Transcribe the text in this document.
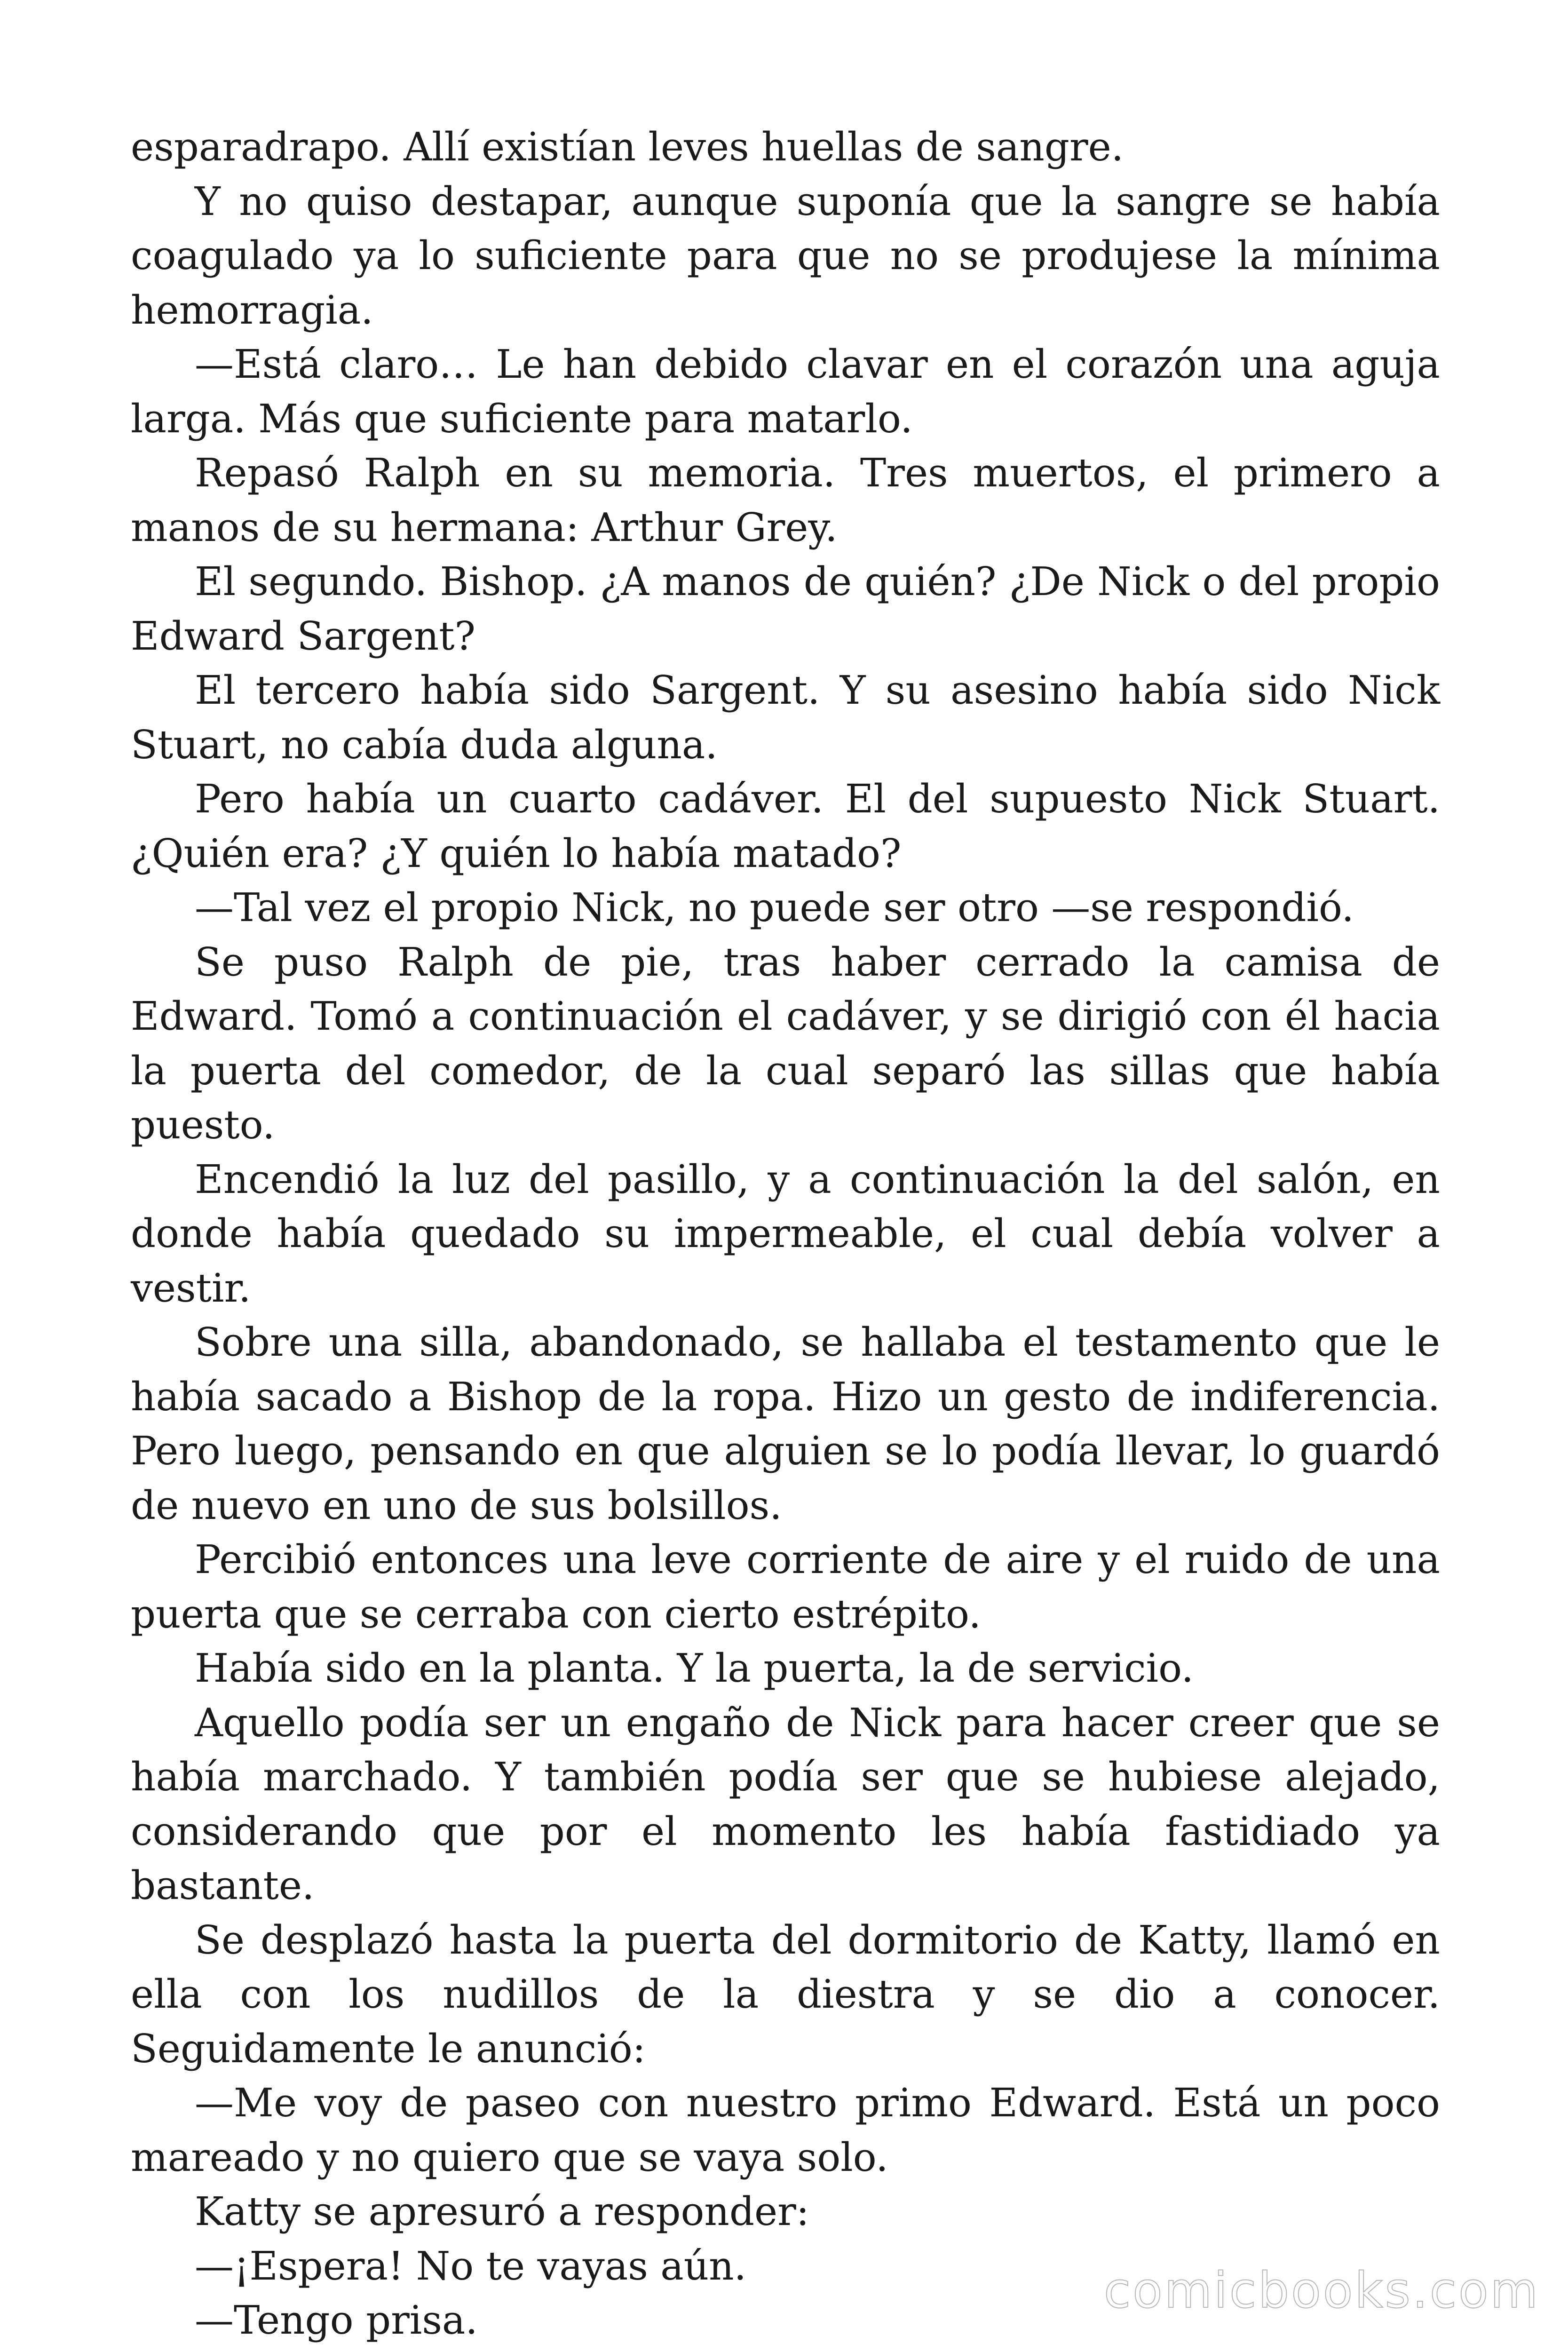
esparadrapo. Allí existían leves huellas de sangre.

Y no quiso destapar, aunque suponía que la sangre se había coagulado ya lo suficiente para que no se produjese la mínima hemorragia.

—Está claro… Le han debido clavar en el corazón una aguja larga. Más que suficiente para matarlo.

Repasó Ralph en su memoria. Tres muertos, el primero a manos de su hermana: Arthur Grey.

El segundo. Bishop. ¿A manos de quién? ¿De Nick o del propio Edward Sargent?

El tercero había sido Sargent. Y su asesino había sido Nick Stuart, no cabía duda alguna.

Pero había un cuarto cadáver. El del supuesto Nick Stuart. ¿Quién era? ¿Y quién lo había matado?

—Tal vez el propio Nick, no puede ser otro —se respondió.

Se puso Ralph de pie, tras haber cerrado la camisa de Edward. Tomó a continuación el cadáver, y se dirigió con él hacia la puerta del comedor, de la cual separó las sillas que había puesto.

Encendió la luz del pasillo, y a continuación la del salón, en donde había quedado su impermeable, el cual debía volver a vestir.

Sobre una silla, abandonado, se hallaba el testamento que le había sacado a Bishop de la ropa. Hizo un gesto de indiferencia. Pero luego, pensando en que alguien se lo podía llevar, lo guardó de nuevo en uno de sus bolsillos.

Percibió entonces una leve corriente de aire y el ruido de una puerta que se cerraba con cierto estrépito.

Había sido en la planta. Y la puerta, la de servicio.

Aquello podía ser un engaño de Nick para hacer creer que se había marchado. Y también podía ser que se hubiese alejado, considerando que por el momento les había fastidiado ya bastante.

Se desplazó hasta la puerta del dormitorio de Katty, llamó en ella con los nudillos de la diestra y se dio a conocer. Seguidamente le anunció:

—Me voy de paseo con nuestro primo Edward. Está un poco mareado y no quiero que se vaya solo.

Katty se apresuró a responder:

—¡Espera! No te vayas aún.

—Tengo prisa.

comicbooks.com
